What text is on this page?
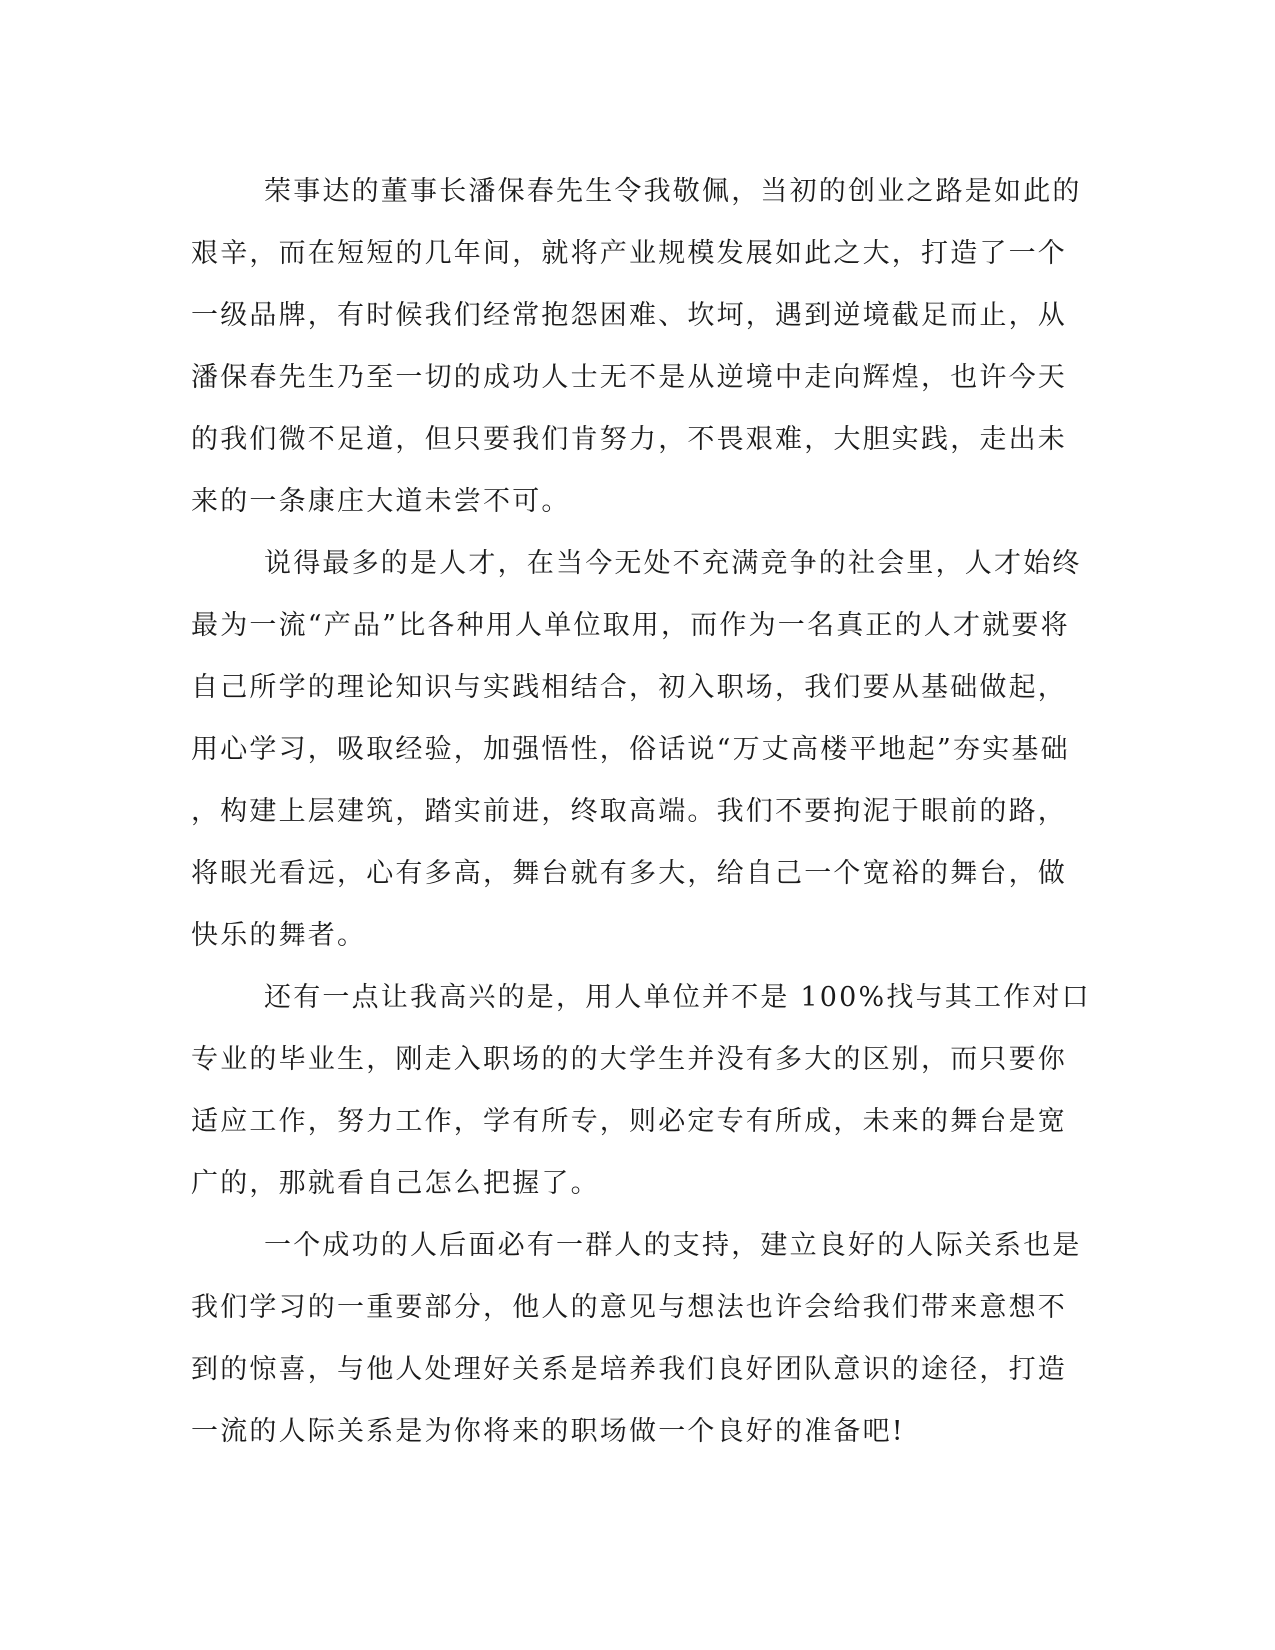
荣事达的董事长潘保春先生令我敬佩，当初的创业之路是如此的
艰辛，而在短短的几年间，就将产业规模发展如此之大，打造了一个
一级品牌，有时候我们经常抱怨困难、坎坷，遇到逆境截足而止，从
潘保春先生乃至一切的成功人士无不是从逆境中走向辉煌，也许今天
的我们微不足道，但只要我们肯努力，不畏艰难，大胆实践，走出未
来的一条康庄大道未尝不可。
说得最多的是人才，在当今无处不充满竞争的社会里，人才始终
最为一流“产品”比各种用人单位取用，而作为一名真正的人才就要将
自己所学的理论知识与实践相结合，初入职场，我们要从基础做起，
用心学习，吸取经验，加强悟性，俗话说“万丈高楼平地起”夯实基础
，构建上层建筑，踏实前进，终取高端。我们不要拘泥于眼前的路，
将眼光看远，心有多高，舞台就有多大，给自己一个宽裕的舞台，做
快乐的舞者。
还有一点让我高兴的是，用人单位并不是 100%找与其工作对口
专业的毕业生，刚走入职场的的大学生并没有多大的区别，而只要你
适应工作，努力工作，学有所专，则必定专有所成，未来的舞台是宽
广的，那就看自己怎么把握了。
一个成功的人后面必有一群人的支持，建立良好的人际关系也是
我们学习的一重要部分，他人的意见与想法也许会给我们带来意想不
到的惊喜，与他人处理好关系是培养我们良好团队意识的途径，打造
一流的人际关系是为你将来的职场做一个良好的准备吧!
